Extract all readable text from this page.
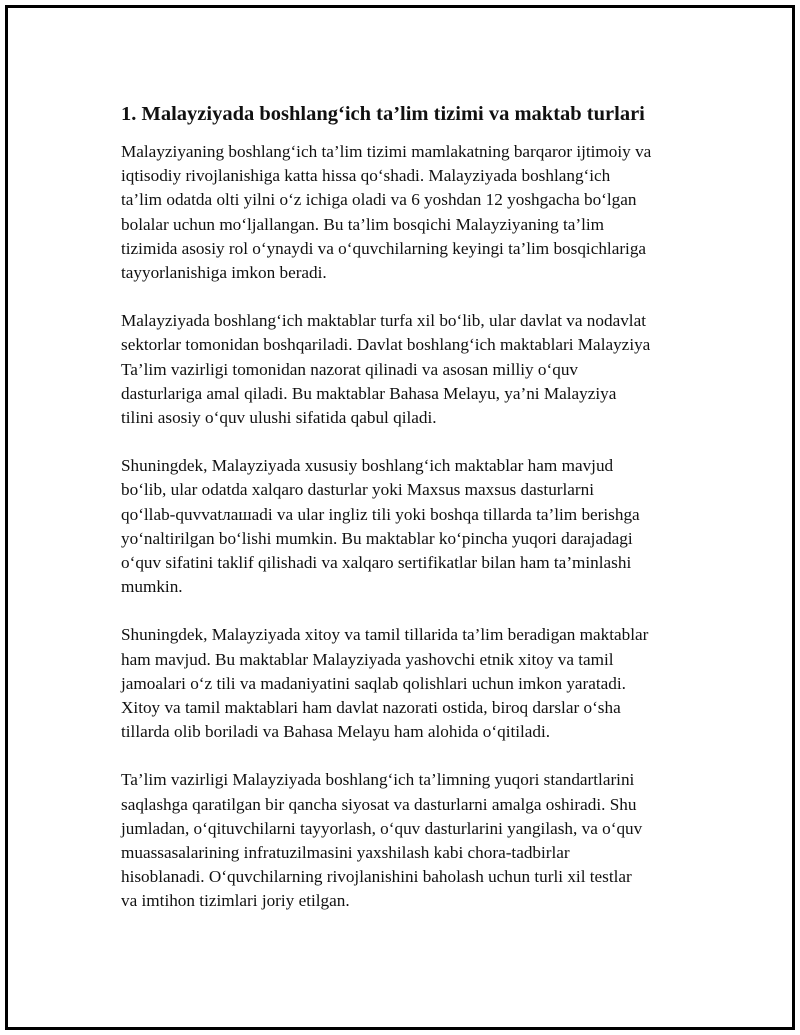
1. Malayziyada boshlang‘ich ta’lim tizimi va maktab turlari
Malayziyaning boshlang‘ich ta’lim tizimi mamlakatning barqaror ijtimoiy va
iqtisodiy rivojlanishiga katta hissa qo‘shadi. Malayziyada boshlang‘ich
ta’lim odatda olti yilni o‘z ichiga oladi va 6 yoshdan 12 yoshgacha bo‘lgan
bolalar uchun mo‘ljallangan. Bu ta’lim bosqichi Malayziyaning ta’lim
tizimida asosiy rol o‘ynaydi va o‘quvchilarning keyingi ta’lim bosqichlariga
tayyorlanishiga imkon beradi.
Malayziyada boshlang‘ich maktablar turfa xil bo‘lib, ular davlat va nodavlat
sektorlar tomonidan boshqariladi. Davlat boshlang‘ich maktablari Malayziya
Ta’lim vazirligi tomonidan nazorat qilinadi va asosan milliy o‘quv
dasturlariga amal qiladi. Bu maktablar Bahasa Melayu, ya’ni Malayziya
tilini asosiy o‘quv ulushi sifatida qabul qiladi.
Shuningdek, Malayziyada xususiy boshlang‘ich maktablar ham mavjud
bo‘lib, ular odatda xalqaro dasturlar yoki Maxsus maxsus dasturlarni
qo‘llab-quvvatлашadi va ular ingliz tili yoki boshqa tillarda ta’lim berishga
yo‘naltirilgan bo‘lishi mumkin. Bu maktablar ko‘pincha yuqori darajadagi
o‘quv sifatini taklif qilishadi va xalqaro sertifikatlar bilan ham ta’minlashi
mumkin.
Shuningdek, Malayziyada xitoy va tamil tillarida ta’lim beradigan maktablar
ham mavjud. Bu maktablar Malayziyada yashovchi etnik xitoy va tamil
jamoalari o‘z tili va madaniyatini saqlab qolishlari uchun imkon yaratadi.
Xitoy va tamil maktablari ham davlat nazorati ostida, biroq darslar o‘sha
tillarda olib boriladi va Bahasa Melayu ham alohida o‘qitiladi.
Ta’lim vazirligi Malayziyada boshlang‘ich ta’limning yuqori standartlarini
saqlashga qaratilgan bir qancha siyosat va dasturlarni amalga oshiradi. Shu
jumladan, o‘qituvchilarni tayyorlash, o‘quv dasturlarini yangilash, va o‘quv
muassasalarining infratuzilmasini yaxshilash kabi chora-tadbirlar
hisoblanadi. O‘quvchilarning rivojlanishini baholash uchun turli xil testlar
va imtihon tizimlari joriy etilgan.
